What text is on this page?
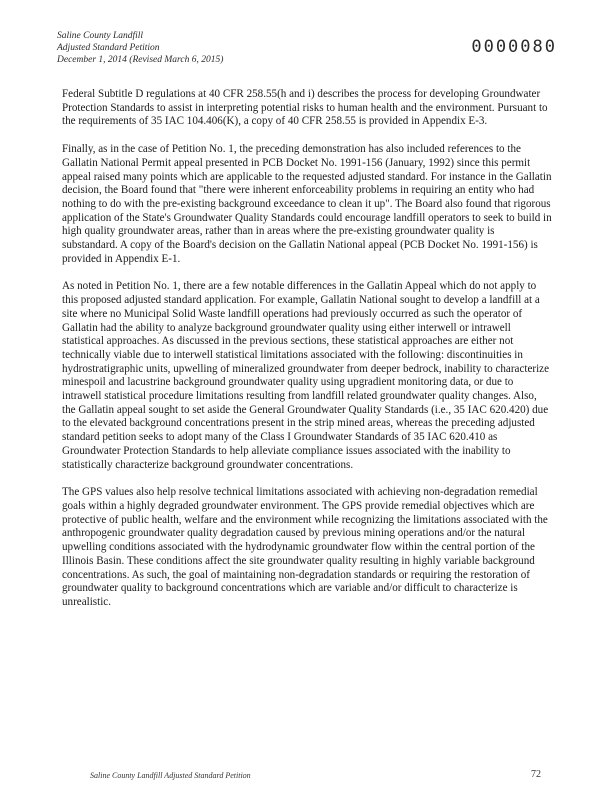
Saline County Landfill
Adjusted Standard Petition
December 1, 2014 (Revised March 6, 2015)
0000080

Federal Subtitle D regulations at 40 CFR 258.55(h and i) describes the process for developing Groundwater Protection Standards to assist in interpreting potential risks to human health and the environment. Pursuant to the requirements of 35 IAC 104.406(K), a copy of 40 CFR 258.55 is provided in Appendix E-3.

Finally, as in the case of Petition No. 1, the preceding demonstration has also included references to the Gallatin National Permit appeal presented in PCB Docket No. 1991-156 (January, 1992) since this permit appeal raised many points which are applicable to the requested adjusted standard. For instance in the Gallatin decision, the Board found that "there were inherent enforceability problems in requiring an entity who had nothing to do with the pre-existing background exceedance to clean it up". The Board also found that rigorous application of the State's Groundwater Quality Standards could encourage landfill operators to seek to build in high quality groundwater areas, rather than in areas where the pre-existing groundwater quality is substandard. A copy of the Board's decision on the Gallatin National appeal (PCB Docket No. 1991-156) is provided in Appendix E-1.

As noted in Petition No. 1, there are a few notable differences in the Gallatin Appeal which do not apply to this proposed adjusted standard application. For example, Gallatin National sought to develop a landfill at a site where no Municipal Solid Waste landfill operations had previously occurred as such the operator of Gallatin had the ability to analyze background groundwater quality using either interwell or intrawell statistical approaches. As discussed in the previous sections, these statistical approaches are either not technically viable due to interwell statistical limitations associated with the following: discontinuities in hydrostratigraphic units, upwelling of mineralized groundwater from deeper bedrock, inability to characterize minespoil and lacustrine background groundwater quality using upgradient monitoring data, or due to intrawell statistical procedure limitations resulting from landfill related groundwater quality changes. Also, the Gallatin appeal sought to set aside the General Groundwater Quality Standards (i.e., 35 IAC 620.420) due to the elevated background concentrations present in the strip mined areas, whereas the preceding adjusted standard petition seeks to adopt many of the Class I Groundwater Standards of 35 IAC 620.410 as Groundwater Protection Standards to help alleviate compliance issues associated with the inability to statistically characterize background groundwater concentrations.

The GPS values also help resolve technical limitations associated with achieving non-degradation remedial goals within a highly degraded groundwater environment. The GPS provide remedial objectives which are protective of public health, welfare and the environment while recognizing the limitations associated with the anthropogenic groundwater quality degradation caused by previous mining operations and/or the natural upwelling conditions associated with the hydrodynamic groundwater flow within the central portion of the Illinois Basin. These conditions affect the site groundwater quality resulting in highly variable background concentrations. As such, the goal of maintaining non-degradation standards or requiring the restoration of groundwater quality to background concentrations which are variable and/or difficult to characterize is unrealistic.

Saline County Landfill Adjusted Standard Petition	72
